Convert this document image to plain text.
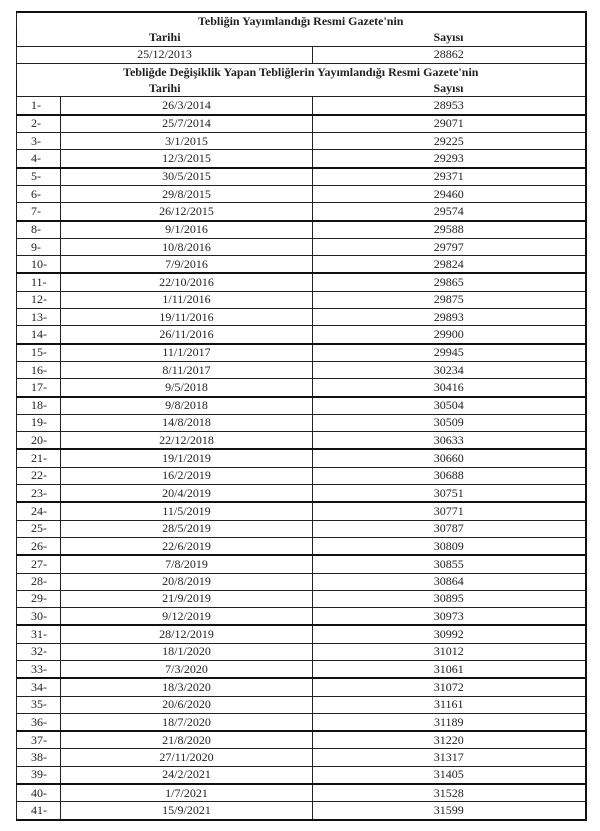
Tebliğin Yayımlandığı Resmi Gazete'nin		
Tarihi		Sayısı
25/12/2013		28862
Tebliğde Değişiklik Yapan Tebliğlerin Yayımlandığı Resmi Gazete'nin		
Tarihi		Sayısı
1-	26/3/2014	28953
2-	25/7/2014	29071
3-	3/1/2015	29225
4-	12/3/2015	29293
5-	30/5/2015	29371
6-	29/8/2015	29460
7-	26/12/2015	29574
8-	9/1/2016	29588
9-	10/8/2016	29797
10-	7/9/2016	29824
11-	22/10/2016	29865
12-	1/11/2016	29875
13-	19/11/2016	29893
14-	26/11/2016	29900
15-	11/1/2017	29945
16-	8/11/2017	30234
17-	9/5/2018	30416
18-	9/8/2018	30504
19-	14/8/2018	30509
20-	22/12/2018	30633
21-	19/1/2019	30660
22-	16/2/2019	30688
23-	20/4/2019	30751
24-	11/5/2019	30771
25-	28/5/2019	30787
26-	22/6/2019	30809
27-	7/8/2019	30855
28-	20/8/2019	30864
29-	21/9/2019	30895
30-	9/12/2019	30973
31-	28/12/2019	30992
32-	18/1/2020	31012
33-	7/3/2020	31061
34-	18/3/2020	31072
35-	20/6/2020	31161
36-	18/7/2020	31189
37-	21/8/2020	31220
38-	27/11/2020	31317
39-	24/2/2021	31405
40-	1/7/2021	31528
41-	15/9/2021	31599
